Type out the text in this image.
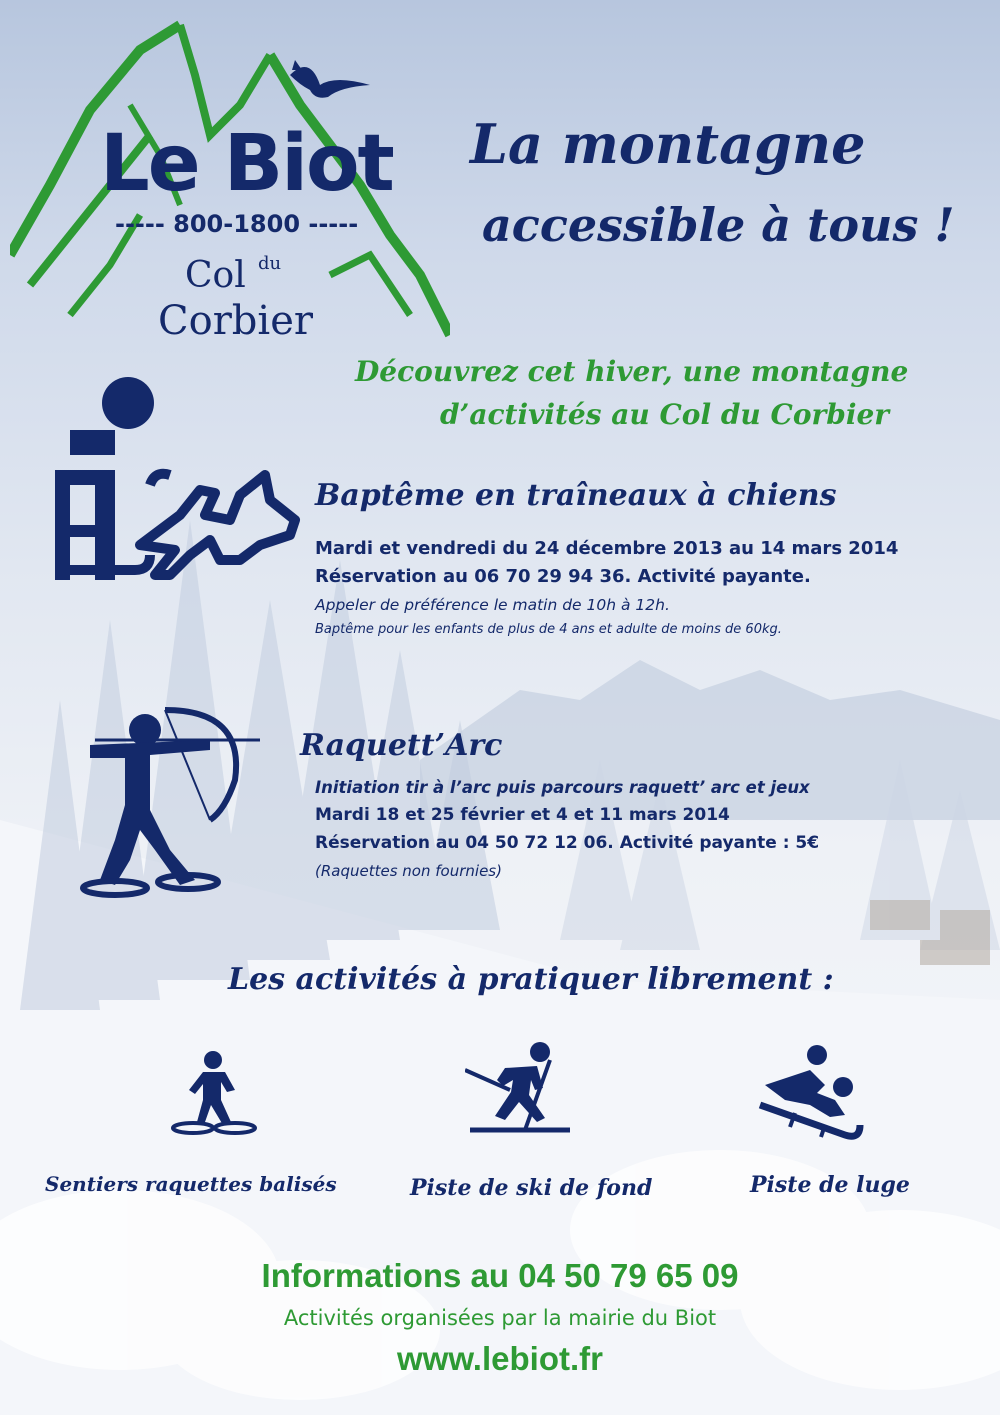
Le Biot
----- 800-1800 -----
Col du
Corbier
La montagne
accessible à tous !
Découvrez cet hiver, une montagne
d’activités au Col du Corbier
Baptême en traîneaux à chiens
Mardi et vendredi du 24 décembre 2013 au 14 mars 2014
Réservation au 06 70 29 94 36. Activité payante.
Appeler de préférence le matin de 10h à 12h.
Baptême pour les enfants de plus de 4 ans et adulte de moins de 60kg.
Raquett’Arc
Initiation tir à l’arc puis parcours raquett’ arc et jeux
Mardi 18 et 25 février et 4 et 11 mars 2014
Réservation au 04 50 72 12 06. Activité payante : 5€
(Raquettes non fournies)
Les activités à pratiquer librement :
Sentiers raquettes balisés	Piste de ski de fond	Piste de luge
Informations au 04 50 79 65 09
Activités organisées par la mairie du Biot
www.lebiot.fr
